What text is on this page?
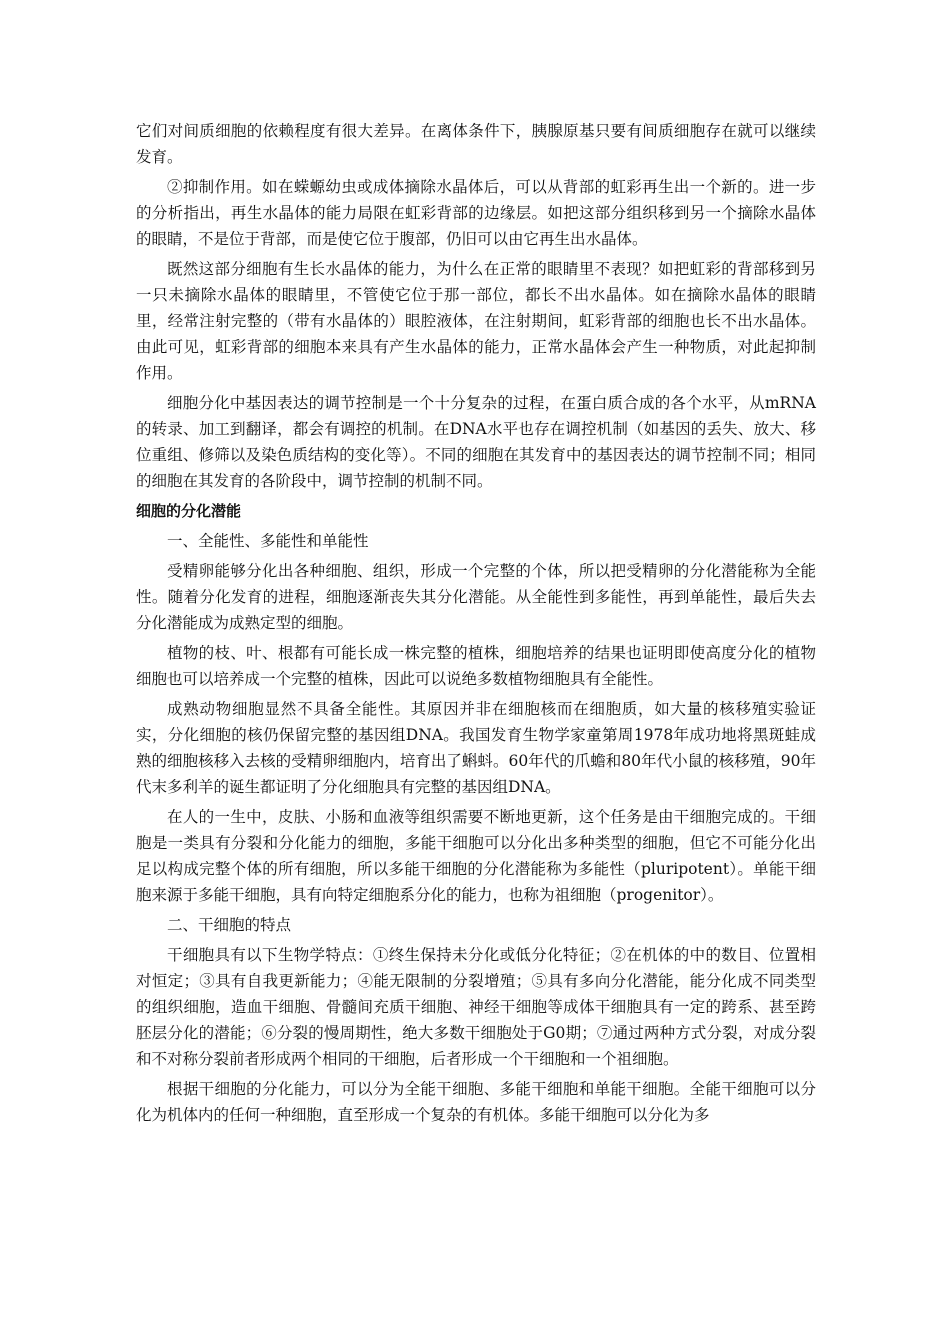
它们对间质细胞的依赖程度有很大差异。在离体条件下，胰腺原基只要有间质细胞存在就可以继续发育。

②抑制作用。如在蝾螈幼虫或成体摘除水晶体后，可以从背部的虹彩再生出一个新的。进一步的分析指出，再生水晶体的能力局限在虹彩背部的边缘层。如把这部分组织移到另一个摘除水晶体的眼睛，不是位于背部，而是使它位于腹部，仍旧可以由它再生出水晶体。

既然这部分细胞有生长水晶体的能力，为什么在正常的眼睛里不表现？如把虹彩的背部移到另一只未摘除水晶体的眼睛里，不管使它位于那一部位，都长不出水晶体。如在摘除水晶体的眼睛里，经常注射完整的（带有水晶体的）眼腔液体，在注射期间，虹彩背部的细胞也长不出水晶体。由此可见，虹彩背部的细胞本来具有产生水晶体的能力，正常水晶体会产生一种物质，对此起抑制作用。

细胞分化中基因表达的调节控制是一个十分复杂的过程，在蛋白质合成的各个水平，从mRNA的转录、加工到翻译，都会有调控的机制。在DNA水平也存在调控机制（如基因的丢失、放大、移位重组、修筛以及染色质结构的变化等）。不同的细胞在其发育中的基因表达的调节控制不同；相同的细胞在其发育的各阶段中，调节控制的机制不同。

细胞的分化潜能

一、全能性、多能性和单能性

受精卵能够分化出各种细胞、组织，形成一个完整的个体，所以把受精卵的分化潜能称为全能性。随着分化发育的进程，细胞逐渐丧失其分化潜能。从全能性到多能性，再到单能性，最后失去分化潜能成为成熟定型的细胞。

植物的枝、叶、根都有可能长成一株完整的植株，细胞培养的结果也证明即使高度分化的植物细胞也可以培养成一个完整的植株，因此可以说绝多数植物细胞具有全能性。

成熟动物细胞显然不具备全能性。其原因并非在细胞核而在细胞质，如大量的核移殖实验证实，分化细胞的核仍保留完整的基因组DNA。我国发育生物学家童第周1978年成功地将黑斑蛙成熟的细胞核移入去核的受精卵细胞内，培育出了蝌蚪。60年代的爪蟾和80年代小鼠的核移殖，90年代末多利羊的诞生都证明了分化细胞具有完整的基因组DNA。

在人的一生中，皮肤、小肠和血液等组织需要不断地更新，这个任务是由干细胞完成的。干细胞是一类具有分裂和分化能力的细胞，多能干细胞可以分化出多种类型的细胞，但它不可能分化出足以构成完整个体的所有细胞，所以多能干细胞的分化潜能称为多能性（pluripotent）。单能干细胞来源于多能干细胞，具有向特定细胞系分化的能力，也称为祖细胞（progenitor）。

二、干细胞的特点

干细胞具有以下生物学特点：①终生保持未分化或低分化特征；②在机体的中的数目、位置相对恒定；③具有自我更新能力；④能无限制的分裂增殖；⑤具有多向分化潜能，能分化成不同类型的组织细胞，造血干细胞、骨髓间充质干细胞、神经干细胞等成体干细胞具有一定的跨系、甚至跨胚层分化的潜能；⑥分裂的慢周期性，绝大多数干细胞处于G0期；⑦通过两种方式分裂，对成分裂和不对称分裂前者形成两个相同的干细胞，后者形成一个干细胞和一个祖细胞。

根据干细胞的分化能力，可以分为全能干细胞、多能干细胞和单能干细胞。全能干细胞可以分化为机体内的任何一种细胞，直至形成一个复杂的有机体。多能干细胞可以分化为多
